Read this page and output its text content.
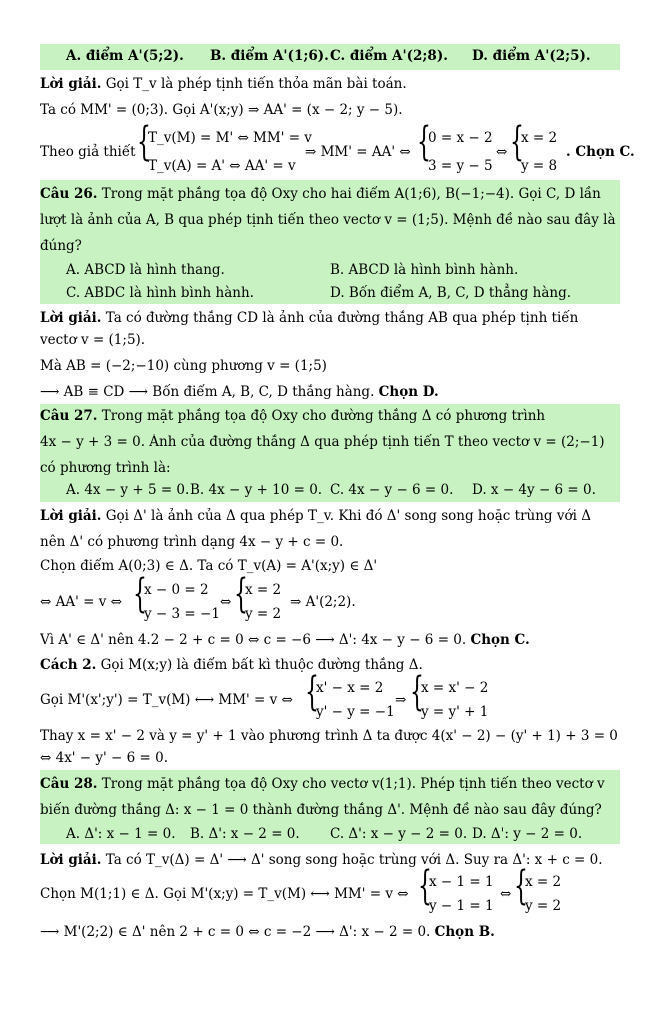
A. điểm A'(5;2). B. điểm A'(1;6). C. điểm A'(2;8). D. điểm A'(2;5).
Lời giải. Gọi T_v là phép tịnh tiến thỏa mãn bài toán.
Ta có MM' = (0;3). Gọi A'(x;y) ⇒ AA' = (x − 2; y − 5).
Theo giả thiết {
T_v(M) = M' ⇔ MM' = v
T_v(A) = A' ⇔ AA' = v
⇒ MM' = AA' ⇔ {
0 = x − 2
3 = y − 5
⇔ {
x = 2
y = 8
. Chọn C.
Câu 26. Trong mặt phẳng tọa độ Oxy cho hai điểm A(1;6), B(−1;−4). Gọi C, D lần
lượt là ảnh của A, B qua phép tịnh tiến theo vectơ v = (1;5). Mệnh đề nào sau đây là
đúng?
A. ABCD là hình thang.	B. ABCD là hình bình hành.
C. ABDC là hình bình hành.	D. Bốn điểm A, B, C, D thẳng hàng.
Lời giải. Ta có đường thẳng CD là ảnh của đường thẳng AB qua phép tịnh tiến
vectơ v = (1;5).
Mà AB = (−2;−10) cùng phương v = (1;5)
⟶ AB ≡ CD ⟶ Bốn điểm A, B, C, D thẳng hàng. Chọn D.
Câu 27. Trong mặt phẳng tọa độ Oxy cho đường thẳng Δ có phương trình
4x − y + 3 = 0. Ảnh của đường thẳng Δ qua phép tịnh tiến T theo vectơ v = (2;−1)
có phương trình là:
A. 4x − y + 5 = 0. B. 4x − y + 10 = 0. C. 4x − y − 6 = 0. D. x − 4y − 6 = 0.
Lời giải. Gọi Δ' là ảnh của Δ qua phép T_v. Khi đó Δ' song song hoặc trùng với Δ
nên Δ' có phương trình dạng 4x − y + c = 0.
Chọn điểm A(0;3) ∈ Δ. Ta có T_v(A) = A'(x;y) ∈ Δ'
⇔ AA' = v ⇔ {
x − 0 = 2
y − 3 = −1
⇔ {
x = 2
y = 2
⇒ A'(2;2).
Vì A' ∈ Δ' nên 4.2 − 2 + c = 0 ⇔ c = −6 ⟶ Δ': 4x − y − 6 = 0. Chọn C.
Cách 2. Gọi M(x;y) là điểm bất kì thuộc đường thẳng Δ.
Gọi M'(x';y') = T_v(M) ⟷ MM' = v ⇔ {
x' − x = 2
y' − y = −1
⇒ {
x = x' − 2
y = y' + 1
Thay x = x' − 2 và y = y' + 1 vào phương trình Δ ta được 4(x' − 2) − (y' + 1) + 3 = 0
⇔ 4x' − y' − 6 = 0.
Câu 28. Trong mặt phẳng tọa độ Oxy cho vectơ v(1;1). Phép tịnh tiến theo vectơ v
biến đường thẳng Δ: x − 1 = 0 thành đường thẳng Δ'. Mệnh đề nào sau đây đúng?
A. Δ': x − 1 = 0. B. Δ': x − 2 = 0. C. Δ': x − y − 2 = 0. D. Δ': y − 2 = 0.
Lời giải. Ta có T_v(Δ) = Δ' ⟶ Δ' song song hoặc trùng với Δ. Suy ra Δ': x + c = 0.
Chọn M(1;1) ∈ Δ. Gọi M'(x;y) = T_v(M) ⟷ MM' = v ⇔ {
x − 1 = 1
y − 1 = 1
⇔ {
x = 2
y = 2
⟶ M'(2;2) ∈ Δ' nên 2 + c = 0 ⇔ c = −2 ⟶ Δ': x − 2 = 0. Chọn B.
